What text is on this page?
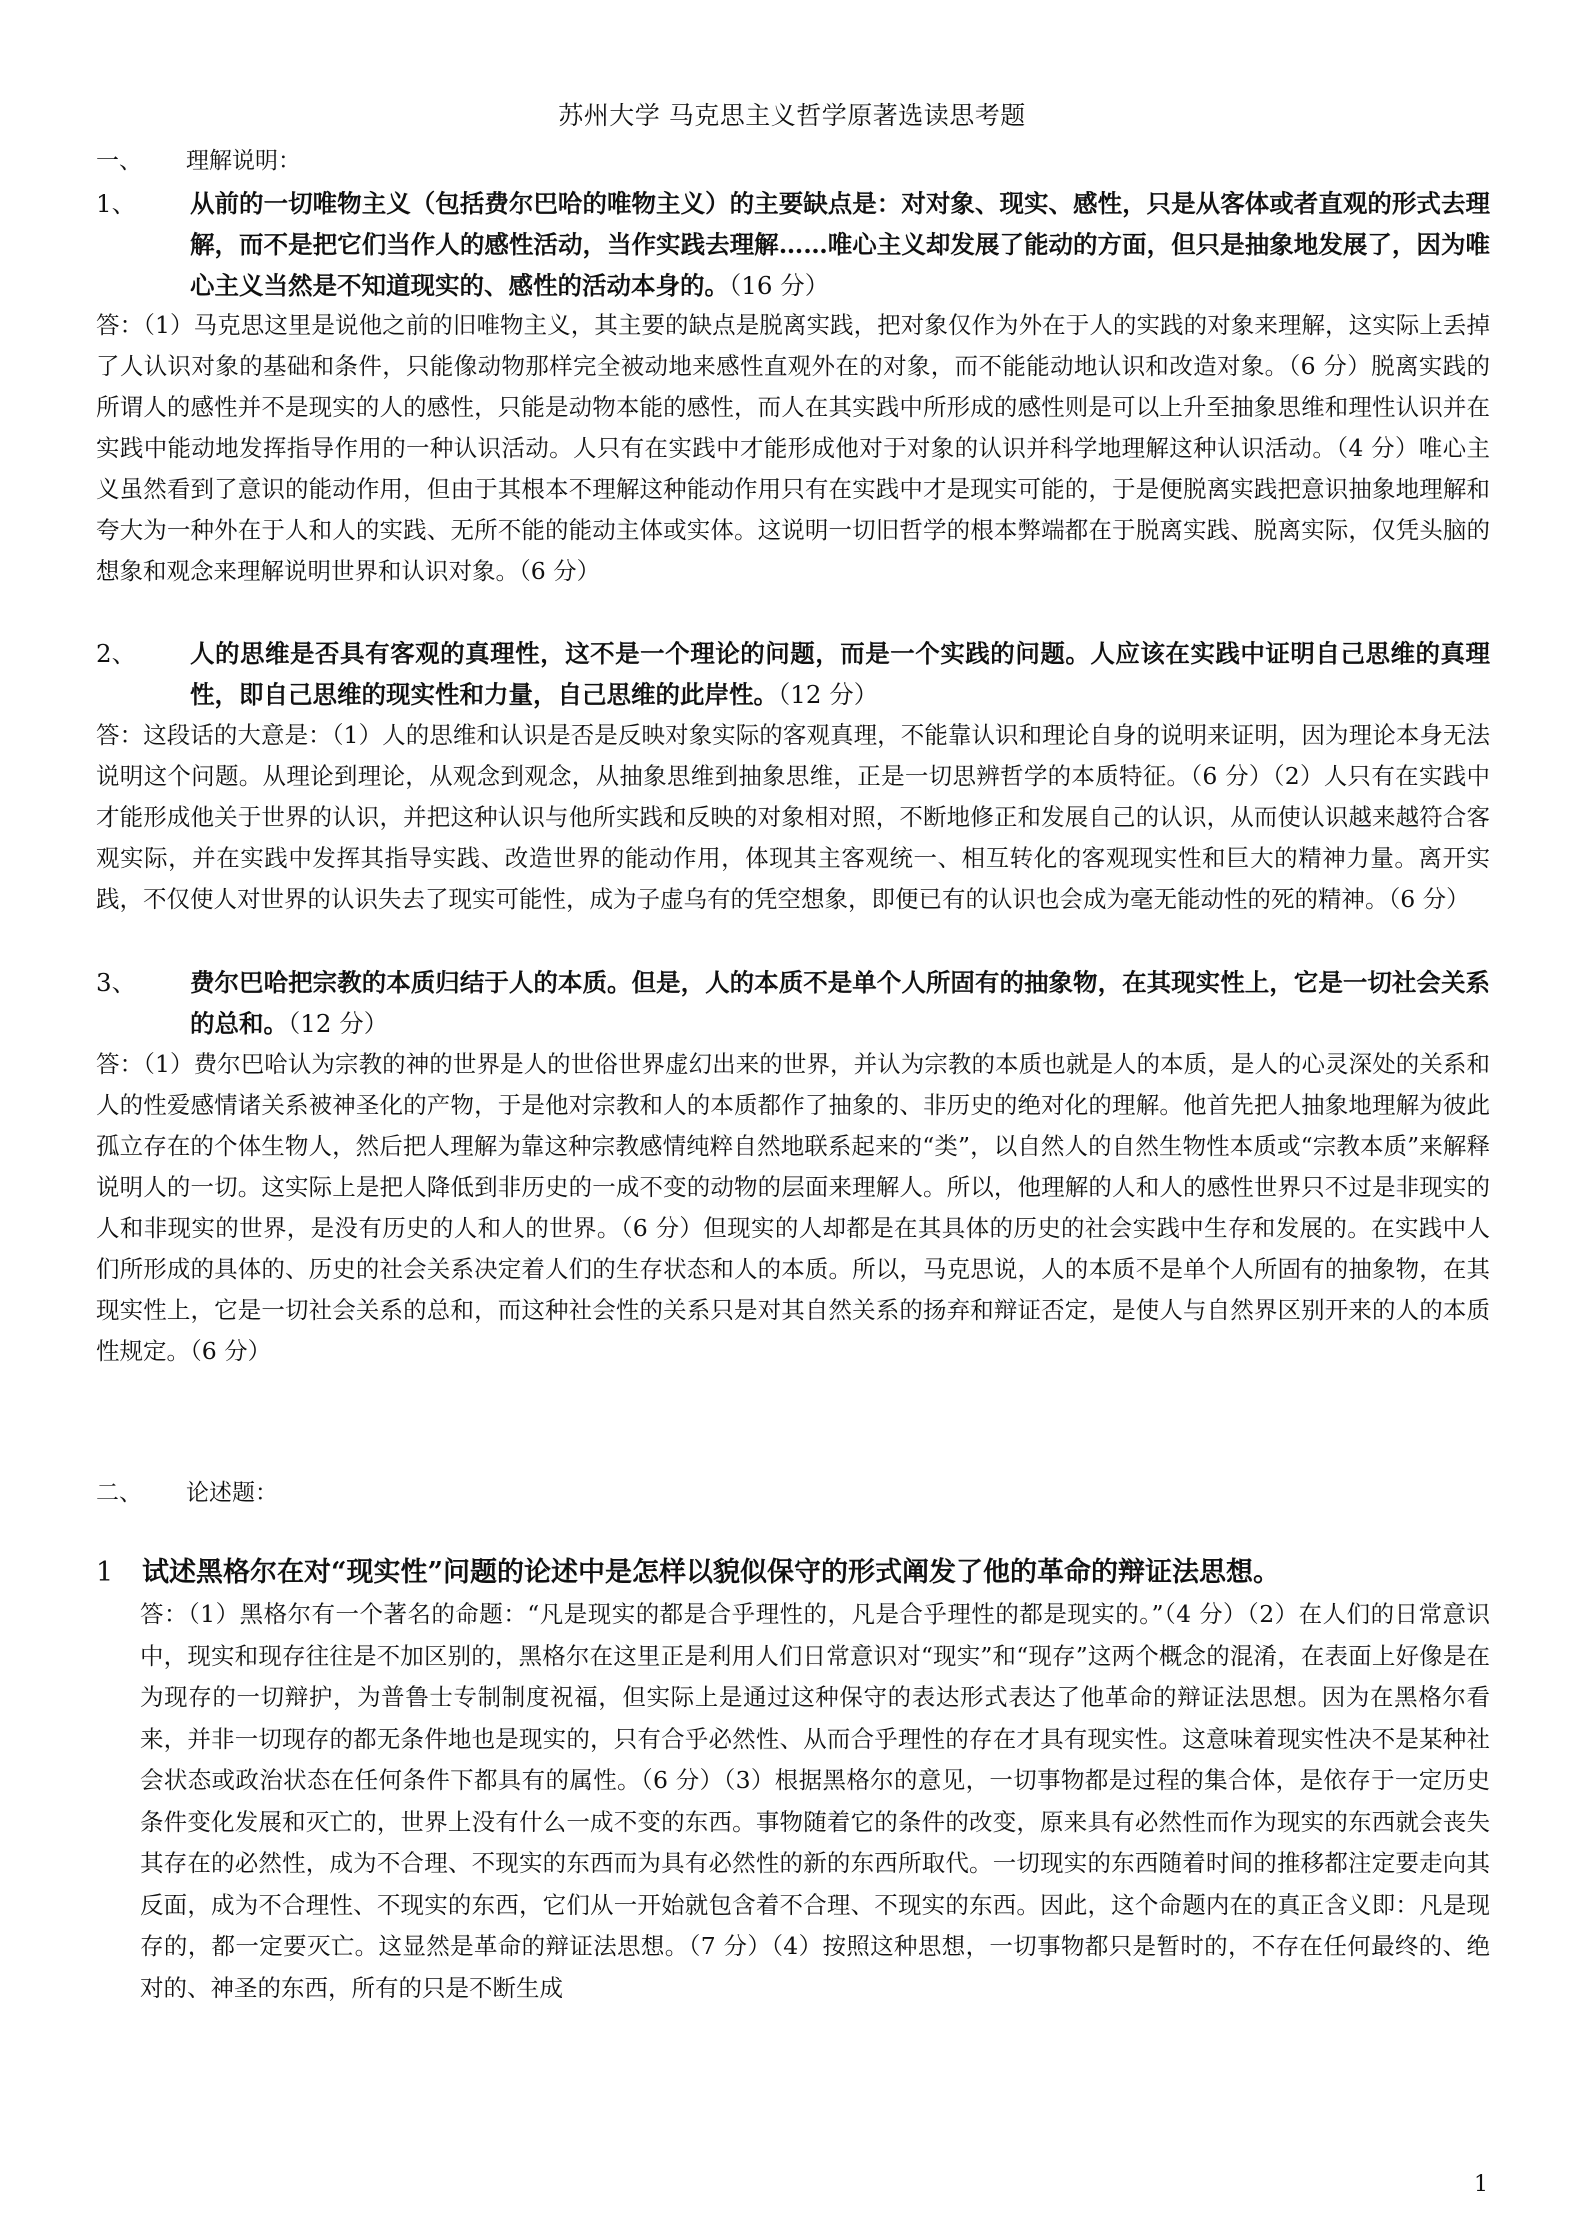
苏州大学 马克思主义哲学原著选读思考题
一、 理解说明：
1、 从前的一切唯物主义（包括费尔巴哈的唯物主义）的主要缺点是：对对象、现实、感性，只是从客体或者直观的形式去理解，而不是把它们当作人的感性活动，当作实践去理解……唯心主义却发展了能动的方面，但只是抽象地发展了，因为唯心主义当然是不知道现实的、感性的活动本身的。（16 分）
答：（1）马克思这里是说他之前的旧唯物主义，其主要的缺点是脱离实践，把对象仅作为外在于人的实践的对象来理解，这实际上丢掉了人认识对象的基础和条件，只能像动物那样完全被动地来感性直观外在的对象，而不能能动地认识和改造对象。（6 分）脱离实践的所谓人的感性并不是现实的人的感性，只能是动物本能的感性，而人在其实践中所形成的感性则是可以上升至抽象思维和理性认识并在实践中能动地发挥指导作用的一种认识活动。人只有在实践中才能形成他对于对象的认识并科学地理解这种认识活动。（4 分）唯心主义虽然看到了意识的能动作用，但由于其根本不理解这种能动作用只有在实践中才是现实可能的，于是便脱离实践把意识抽象地理解和夸大为一种外在于人和人的实践、无所不能的能动主体或实体。这说明一切旧哲学的根本弊端都在于脱离实践、脱离实际，仅凭头脑的想象和观念来理解说明世界和认识对象。（6 分）
2、 人的思维是否具有客观的真理性，这不是一个理论的问题，而是一个实践的问题。人应该在实践中证明自己思维的真理性，即自己思维的现实性和力量，自己思维的此岸性。（12 分）
答：这段话的大意是：（1）人的思维和认识是否是反映对象实际的客观真理，不能靠认识和理论自身的说明来证明，因为理论本身无法说明这个问题。从理论到理论，从观念到观念，从抽象思维到抽象思维，正是一切思辨哲学的本质特征。（6 分）（2）人只有在实践中才能形成他关于世界的认识，并把这种认识与他所实践和反映的对象相对照，不断地修正和发展自己的认识，从而使认识越来越符合客观实际，并在实践中发挥其指导实践、改造世界的能动作用，体现其主客观统一、相互转化的客观现实性和巨大的精神力量。离开实践，不仅使人对世界的认识失去了现实可能性，成为子虚乌有的凭空想象，即便已有的认识也会成为毫无能动性的死的精神。（6 分）
3、 费尔巴哈把宗教的本质归结于人的本质。但是，人的本质不是单个人所固有的抽象物，在其现实性上，它是一切社会关系的总和。（12 分）
答：（1）费尔巴哈认为宗教的神的世界是人的世俗世界虚幻出来的世界，并认为宗教的本质也就是人的本质，是人的心灵深处的关系和人的性爱感情诸关系被神圣化的产物，于是他对宗教和人的本质都作了抽象的、非历史的绝对化的理解。他首先把人抽象地理解为彼此孤立存在的个体生物人，然后把人理解为靠这种宗教感情纯粹自然地联系起来的“类”，以自然人的自然生物性本质或“宗教本质”来解释说明人的一切。这实际上是把人降低到非历史的一成不变的动物的层面来理解人。所以，他理解的人和人的感性世界只不过是非现实的人和非现实的世界，是没有历史的人和人的世界。（6 分）但现实的人却都是在其具体的历史的社会实践中生存和发展的。在实践中人们所形成的具体的、历史的社会关系决定着人们的生存状态和人的本质。所以，马克思说，人的本质不是单个人所固有的抽象物，在其现实性上，它是一切社会关系的总和，而这种社会性的关系只是对其自然关系的扬弃和辩证否定，是使人与自然界区别开来的人的本质性规定。（6 分）
二、 论述题：
1 试述黑格尔在对“现实性”问题的论述中是怎样以貌似保守的形式阐发了他的革命的辩证法思想。
答：（1）黑格尔有一个著名的命题：“凡是现实的都是合乎理性的，凡是合乎理性的都是现实的。”（4 分）（2）在人们的日常意识中，现实和现存往往是不加区别的，黑格尔在这里正是利用人们日常意识对“现实”和“现存”这两个概念的混淆，在表面上好像是在为现存的一切辩护，为普鲁士专制制度祝福，但实际上是通过这种保守的表达形式表达了他革命的辩证法思想。因为在黑格尔看来，并非一切现存的都无条件地也是现实的，只有合乎必然性、从而合乎理性的存在才具有现实性。这意味着现实性决不是某种社会状态或政治状态在任何条件下都具有的属性。（6 分）（3）根据黑格尔的意见，一切事物都是过程的集合体，是依存于一定历史条件变化发展和灭亡的，世界上没有什么一成不变的东西。事物随着它的条件的改变，原来具有必然性而作为现实的东西就会丧失其存在的必然性，成为不合理、不现实的东西而为具有必然性的新的东西所取代。一切现实的东西随着时间的推移都注定要走向其反面，成为不合理性、不现实的东西，它们从一开始就包含着不合理、不现实的东西。因此，这个命题内在的真正含义即：凡是现存的，都一定要灭亡。这显然是革命的辩证法思想。（7 分）（4）按照这种思想，一切事物都只是暂时的，不存在任何最终的、绝对的、神圣的东西，所有的只是不断生成
1
